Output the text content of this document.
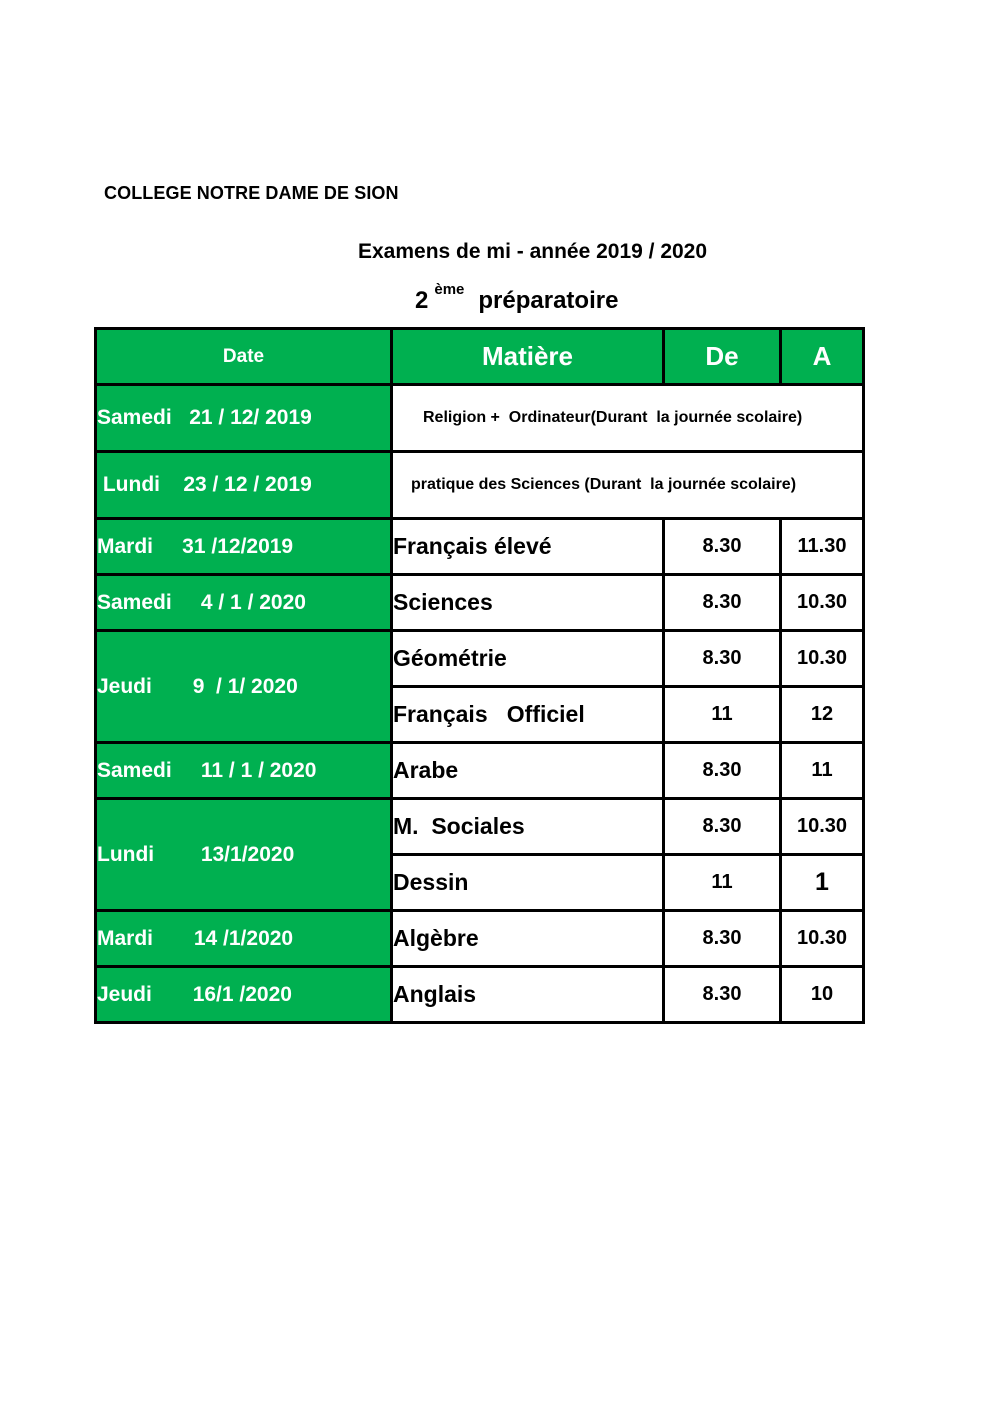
COLLEGE NOTRE DAME DE SION
Examens de mi - année 2019 / 2020
2 $^{ème}$ préparatoire
Date	Matière	De	A
Samedi   21 / 12/ 2019	Religion +  Ordinateur(Durant  la journée scolaire)		
Lundi    23 / 12 / 2019	pratique des Sciences (Durant  la journée scolaire)		
Mardi     31 /12/2019	Français élevé	8.30	11.30
Samedi     4 / 1 / 2020	Sciences	8.30	10.30
Jeudi       9  / 1/ 2020	Géométrie	8.30	10.30
	Français   Officiel	11	12
Samedi     11 / 1 / 2020	Arabe	8.30	11
Lundi        13/1/2020	M.  Sociales	8.30	10.30
	Dessin	11	1
Mardi       14 /1/2020	Algèbre	8.30	10.30
Jeudi       16/1 /2020	Anglais	8.30	10
